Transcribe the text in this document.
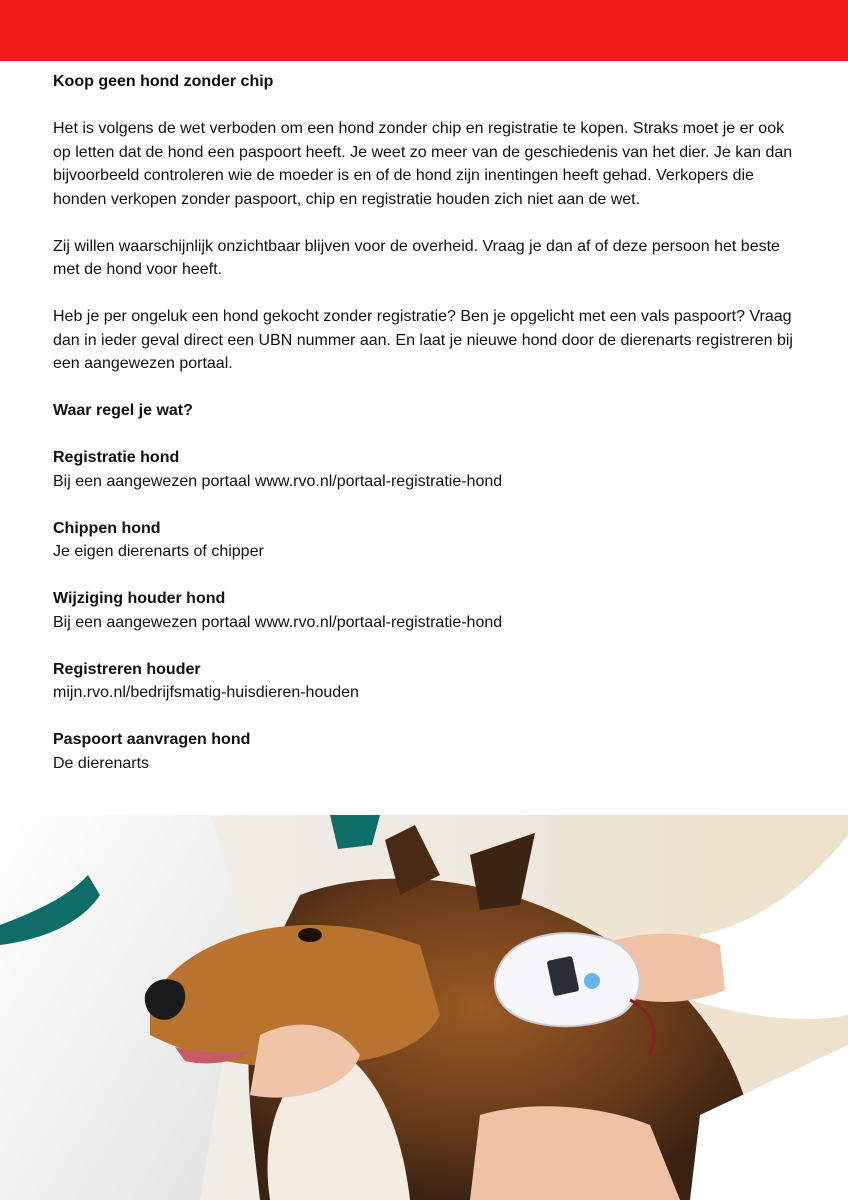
Koop geen hond zonder chip

Het is volgens de wet verboden om een hond zonder chip en registratie te kopen. Straks moet je er ook op letten dat de hond een paspoort heeft. Je weet zo meer van de geschiedenis van het dier. Je kan dan bijvoorbeeld controleren wie de moeder is en of de hond zijn inentingen heeft gehad. Verkopers die honden verkopen zonder paspoort, chip en registratie houden zich niet aan de wet.

Zij willen waarschijnlijk onzichtbaar blijven voor de overheid. Vraag je dan af of deze persoon het beste met de hond voor heeft.

Heb je per ongeluk een hond gekocht zonder registratie? Ben je opgelicht met een vals paspoort? Vraag dan in ieder geval direct een UBN nummer aan. En laat je nieuwe hond door de dierenarts registreren bij een aangewezen portaal.

Waar regel je wat?

Registratie hond

Bij een aangewezen portaal www.rvo.nl/portaal-registratie-hond

Chippen hond

Je eigen dierenarts of chipper

Wijziging houder hond

Bij een aangewezen portaal www.rvo.nl/portaal-registratie-hond

Registreren houder

mijn.rvo.nl/bedrijfsmatig-huisdieren-houden

Paspoort aanvragen hond

De dierenarts
